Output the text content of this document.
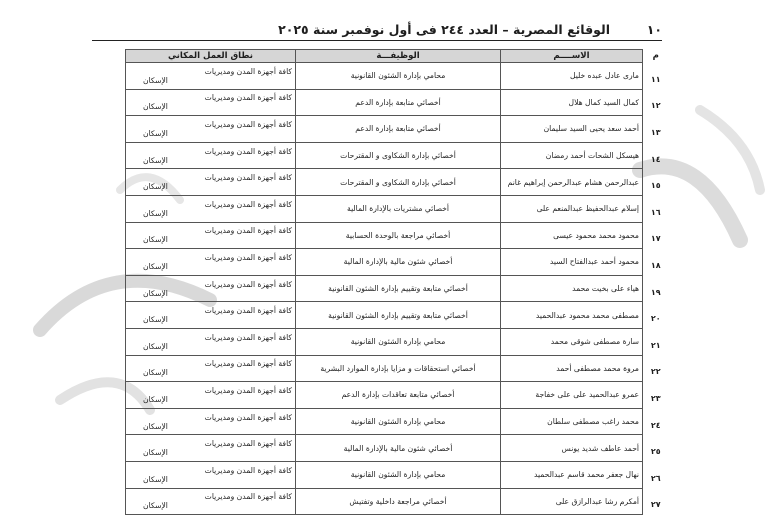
١٠
الوقائع المصرية – العدد ٢٤٤ فى أول نوفمبر سنة ٢٠٢٥
م	الاســــم	الوظيفـــة	نطاق العمل المكاني
١١	مارى عادل عبده خليل	محامي بإدارة الشئون القانونية	كافة أجهزة المدن ومديريات
الإسكان

١٢	كمال السيد كمال هلال	أخصائي متابعة بإدارة الدعم	كافة أجهزة المدن ومديريات
الإسكان

١٣	أحمد سعد يحيى السيد سليمان	أخصائي متابعة بإدارة الدعم	كافة أجهزة المدن ومديريات
الإسكان

١٤	هيسكل الشحات أحمد رمضان	أخصائي بإدارة الشكاوى و المقترحات	كافة أجهزة المدن ومديريات
الإسكان

١٥	عبدالرحمن هشام عبدالرحمن إبراهيم غانم	أخصائي بإدارة الشكاوى و المقترحات	كافة أجهزة المدن ومديريات
الإسكان

١٦	إسلام عبدالحفيظ عبدالمنعم على	أخصائي مشتريات بالإدارة المالية	كافة أجهزة المدن ومديريات
الإسكان

١٧	محمود محمد محمود عيسى	أخصائي مراجعة بالوحدة الحسابية	كافة أجهزة المدن ومديريات
الإسكان

١٨	محمود أحمد عبدالفتاح السيد	أخصائي شئون مالية بالإدارة المالية	كافة أجهزة المدن ومديريات
الإسكان

١٩	هياء على بخيت محمد	أخصائي متابعة وتقييم بإدارة الشئون القانونية	كافة أجهزة المدن ومديريات
الإسكان

٢٠	مصطفى محمد محمود عبدالحميد	أخصائي متابعة وتقييم بإدارة الشئون القانونية	كافة أجهزة المدن ومديريات
الإسكان

٢١	سارة مصطفى شوقى محمد	محامي بإدارة الشئون القانونية	كافة أجهزة المدن ومديريات
الإسكان

٢٢	مروة محمد مصطفى أحمد	أخصائي استحقاقات و مزايا بإدارة الموارد البشرية	كافة أجهزة المدن ومديريات
الإسكان

٢٣	عمرو عبدالحميد على على خفاجة	أخصائي متابعة تعاقدات بإدارة الدعم	كافة أجهزة المدن ومديريات
الإسكان

٢٤	محمد راغب مصطفى سلطان	محامي بإدارة الشئون القانونية	كافة أجهزة المدن ومديريات
الإسكان

٢٥	أحمد عاطف شديد يونس	أخصائي شئون مالية بالإدارة المالية	كافة أجهزة المدن ومديريات
الإسكان

٢٦	نهال جعفر محمد قاسم عبدالحميد	محامي بإدارة الشئون القانونية	كافة أجهزة المدن ومديريات
الإسكان

٢٧	أمكرم رشا عبدالرازق على	أخصائي مراجعة داخلية وتفتيش	كافة أجهزة المدن ومديريات
الإسكان
